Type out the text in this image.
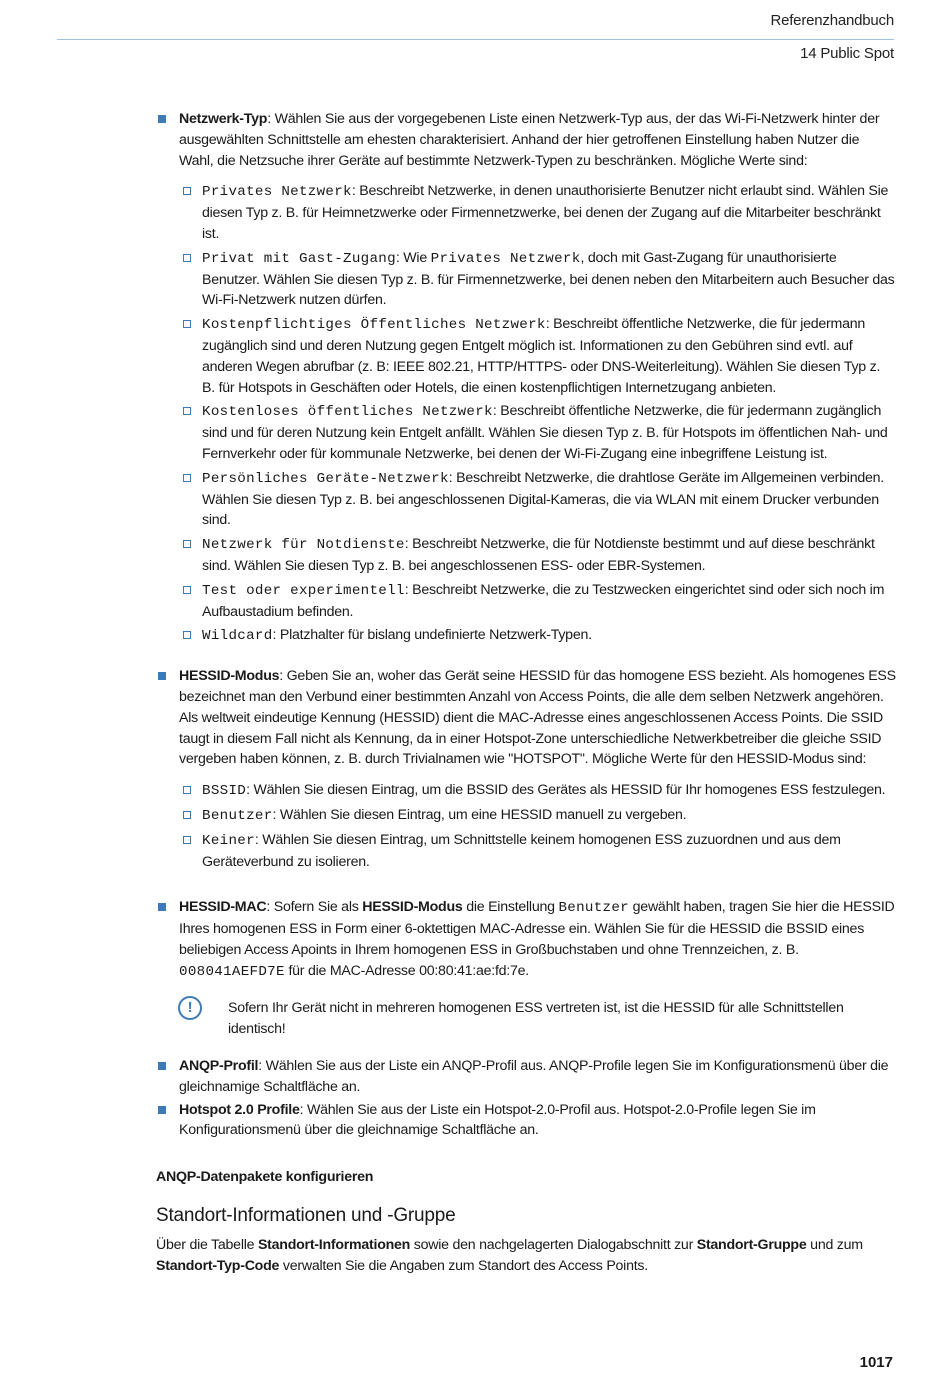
Referenzhandbuch
14 Public Spot
Netzwerk-Typ: Wählen Sie aus der vorgegebenen Liste einen Netzwerk-Typ aus, der das Wi-Fi-Netzwerk hinter der ausgewählten Schnittstelle am ehesten charakterisiert. Anhand der hier getroffenen Einstellung haben Nutzer die Wahl, die Netzsuche ihrer Geräte auf bestimmte Netzwerk-Typen zu beschränken. Mögliche Werte sind:
Privates Netzwerk: Beschreibt Netzwerke, in denen unauthorisierte Benutzer nicht erlaubt sind. Wählen Sie diesen Typ z. B. für Heimnetzwerke oder Firmennetzwerke, bei denen der Zugang auf die Mitarbeiter beschränkt ist.
Privat mit Gast-Zugang: Wie Privates Netzwerk, doch mit Gast-Zugang für unauthorisierte Benutzer. Wählen Sie diesen Typ z. B. für Firmennetzwerke, bei denen neben den Mitarbeitern auch Besucher das Wi-Fi-Netzwerk nutzen dürfen.
Kostenpflichtiges Öffentliches Netzwerk: Beschreibt öffentliche Netzwerke, die für jedermann zugänglich sind und deren Nutzung gegen Entgelt möglich ist. Informationen zu den Gebühren sind evtl. auf anderen Wegen abrufbar (z. B: IEEE 802.21, HTTP/HTTPS- oder DNS-Weiterleitung). Wählen Sie diesen Typ z. B. für Hotspots in Geschäften oder Hotels, die einen kostenpflichtigen Internetzugang anbieten.
Kostenloses öffentliches Netzwerk: Beschreibt öffentliche Netzwerke, die für jedermann zugänglich sind und für deren Nutzung kein Entgelt anfällt. Wählen Sie diesen Typ z. B. für Hotspots im öffentlichen Nah- und Fernverkehr oder für kommunale Netzwerke, bei denen der Wi-Fi-Zugang eine inbegriffene Leistung ist.
Persönliches Geräte-Netzwerk: Beschreibt Netzwerke, die drahtlose Geräte im Allgemeinen verbinden. Wählen Sie diesen Typ z. B. bei angeschlossenen Digital-Kameras, die via WLAN mit einem Drucker verbunden sind.
Netzwerk für Notdienste: Beschreibt Netzwerke, die für Notdienste bestimmt und auf diese beschränkt sind. Wählen Sie diesen Typ z. B. bei angeschlossenen ESS- oder EBR-Systemen.
Test oder experimentell: Beschreibt Netzwerke, die zu Testzwecken eingerichtet sind oder sich noch im Aufbaustadium befinden.
Wildcard: Platzhalter für bislang undefinierte Netzwerk-Typen.
HESSID-Modus: Geben Sie an, woher das Gerät seine HESSID für das homogene ESS bezieht. Als homogenes ESS bezeichnet man den Verbund einer bestimmten Anzahl von Access Points, die alle dem selben Netzwerk angehören. Als weltweit eindeutige Kennung (HESSID) dient die MAC-Adresse eines angeschlossenen Access Points. Die SSID taugt in diesem Fall nicht als Kennung, da in einer Hotspot-Zone unterschiedliche Netwerkbetreiber die gleiche SSID vergeben haben können, z. B. durch Trivialnamen wie "HOTSPOT". Mögliche Werte für den HESSID-Modus sind:
BSSID: Wählen Sie diesen Eintrag, um die BSSID des Gerätes als HESSID für Ihr homogenes ESS festzulegen.
Benutzer: Wählen Sie diesen Eintrag, um eine HESSID manuell zu vergeben.
Keiner: Wählen Sie diesen Eintrag, um Schnittstelle keinem homogenen ESS zuzuordnen und aus dem Geräteverbund zu isolieren.
HESSID-MAC: Sofern Sie als HESSID-Modus die Einstellung Benutzer gewählt haben, tragen Sie hier die HESSID Ihres homogenen ESS in Form einer 6-oktettigen MAC-Adresse ein. Wählen Sie für die HESSID die BSSID eines beliebigen Access Apoints in Ihrem homogenen ESS in Großbuchstaben und ohne Trennzeichen, z. B. 008041AEFD7E für die MAC-Adresse 00:80:41:ae:fd:7e.
!	Sofern Ihr Gerät nicht in mehreren homogenen ESS vertreten ist, ist die HESSID für alle Schnittstellen identisch!
ANQP-Profil: Wählen Sie aus der Liste ein ANQP-Profil aus. ANQP-Profile legen Sie im Konfigurationsmenü über die gleichnamige Schaltfläche an.
Hotspot 2.0 Profile: Wählen Sie aus der Liste ein Hotspot-2.0-Profil aus. Hotspot-2.0-Profile legen Sie im Konfigurationsmenü über die gleichnamige Schaltfläche an.
ANQP-Datenpakete konfigurieren
Standort-Informationen und -Gruppe

Über die Tabelle Standort-Informationen sowie den nachgelagerten Dialogabschnitt zur Standort-Gruppe und zum Standort-Typ-Code verwalten Sie die Angaben zum Standort des Access Points.

1017
